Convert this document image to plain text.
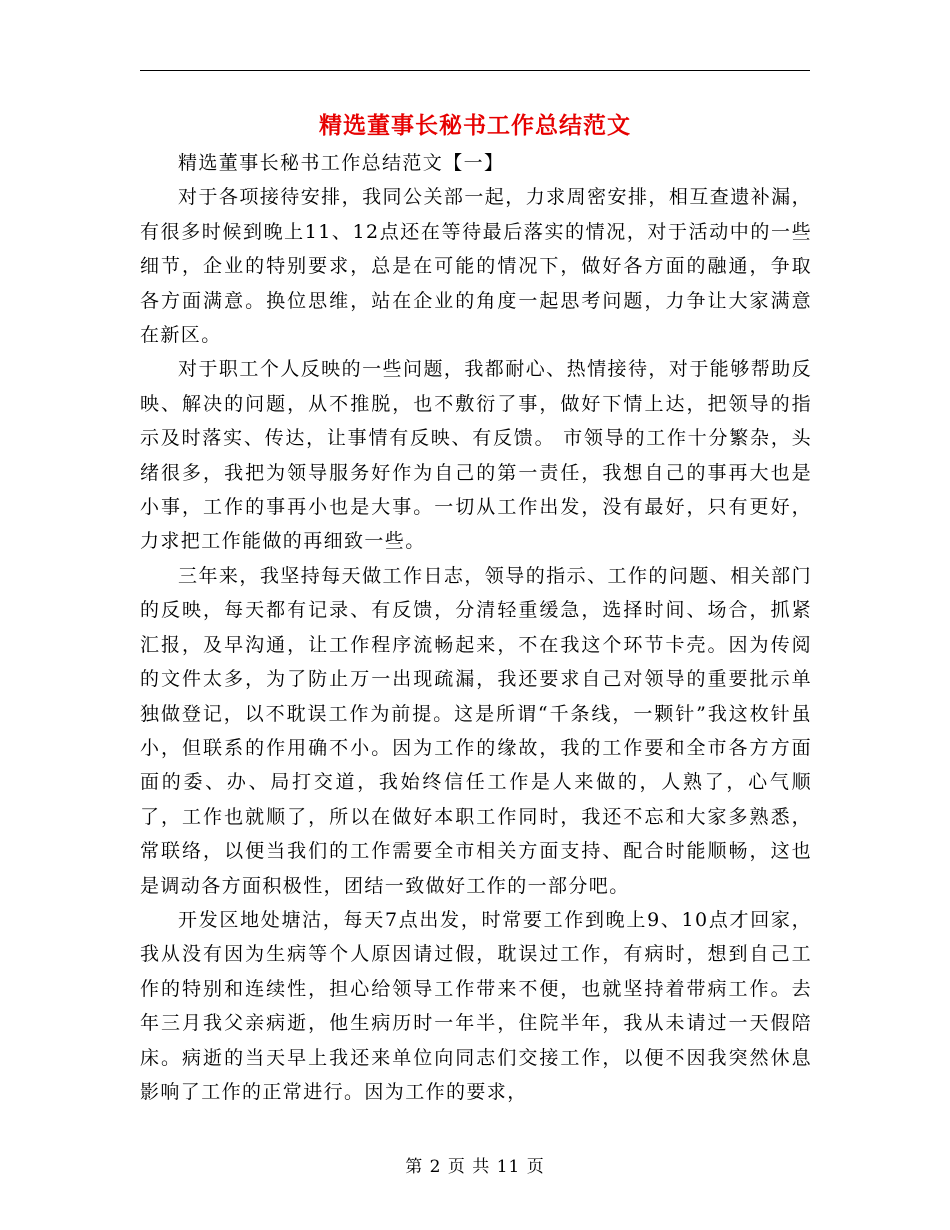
精选董事长秘书工作总结范文

精选董事长秘书工作总结范文【一】

对于各项接待安排，我同公关部一起，力求周密安排，相互查遗补漏，有很多时候到晚上11、12点还在等待最后落实的情况，对于活动中的一些细节，企业的特别要求，总是在可能的情况下，做好各方面的融通，争取各方面满意。换位思维，站在企业的角度一起思考问题，力争让大家满意在新区。

对于职工个人反映的一些问题，我都耐心、热情接待，对于能够帮助反映、解决的问题，从不推脱，也不敷衍了事，做好下情上达，把领导的指示及时落实、传达，让事情有反映、有反馈。 市领导的工作十分繁杂，头绪很多，我把为领导服务好作为自己的第一责任，我想自己的事再大也是小事，工作的事再小也是大事。一切从工作出发，没有最好，只有更好，力求把工作能做的再细致一些。

三年来，我坚持每天做工作日志，领导的指示、工作的问题、相关部门的反映，每天都有记录、有反馈，分清轻重缓急，选择时间、场合，抓紧汇报，及早沟通，让工作程序流畅起来，不在我这个环节卡壳。因为传阅的文件太多，为了防止万一出现疏漏，我还要求自己对领导的重要批示单独做登记，以不耽误工作为前提。这是所谓“千条线，一颗针”我这枚针虽小，但联系的作用确不小。因为工作的缘故，我的工作要和全市各方方面面的委、办、局打交道，我始终信任工作是人来做的，人熟了，心气顺了，工作也就顺了，所以在做好本职工作同时，我还不忘和大家多熟悉，常联络，以便当我们的工作需要全市相关方面支持、配合时能顺畅，这也是调动各方面积极性，团结一致做好工作的一部分吧。

开发区地处塘沽，每天7点出发，时常要工作到晚上9、10点才回家，我从没有因为生病等个人原因请过假，耽误过工作，有病时，想到自己工作的特别和连续性，担心给领导工作带来不便，也就坚持着带病工作。去年三月我父亲病逝，他生病历时一年半，住院半年，我从未请过一天假陪床。病逝的当天早上我还来单位向同志们交接工作，以便不因我突然休息影响了工作的正常进行。因为工作的要求，

第 2 页 共 11 页
